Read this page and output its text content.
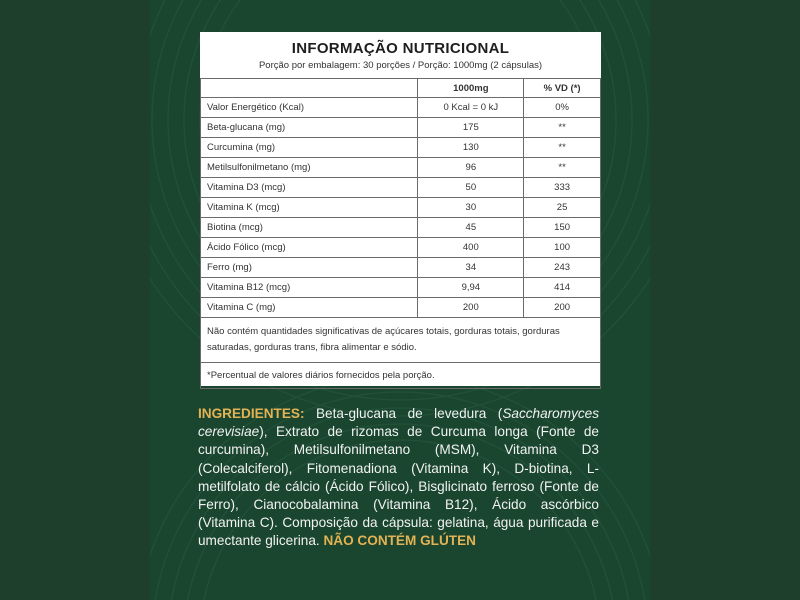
INFORMAÇÃO NUTRICIONAL
Porção por embalagem: 30 porções / Porção: 1000mg (2 cápsulas)
	1000mg	% VD (*)
Valor Energético (Kcal)	0 Kcal = 0 kJ	0%
Beta-glucana (mg)	175	**
Curcumina (mg)	130	**
Metilsulfonilmetano (mg)	96	**
Vitamina D3 (mcg)	50	333
Vitamina K (mcg)	30	25
Biotina (mcg)	45	150
Ácido Fólico (mcg)	400	100
Ferro (mg)	34	243
Vitamina B12 (mcg)	9,94	414
Vitamina C (mg)	200	200
Não contém quantidades significativas de açúcares totais, gorduras totais, gorduras saturadas, gorduras trans, fibra alimentar e sódio.		
*Percentual de valores diários fornecidos pela porção.		
INGREDIENTES: Beta-glucana de levedura (Saccharomyces cerevisiae), Extrato de rizomas de Curcuma longa (Fonte de curcumina), Metilsulfonilmetano (MSM), Vitamina D3 (Colecalciferol), Fitomenadiona (Vitamina K), D-biotina, L-metilfolato de cálcio (Ácido Fólico), Bisglicinato ferroso (Fonte de Ferro), Cianocobalamina (Vitamina B12), Ácido ascórbico (Vitamina C). Composição da cápsula: gelatina, água purificada e umectante glicerina. NÃO CONTÉM GLÚTEN
